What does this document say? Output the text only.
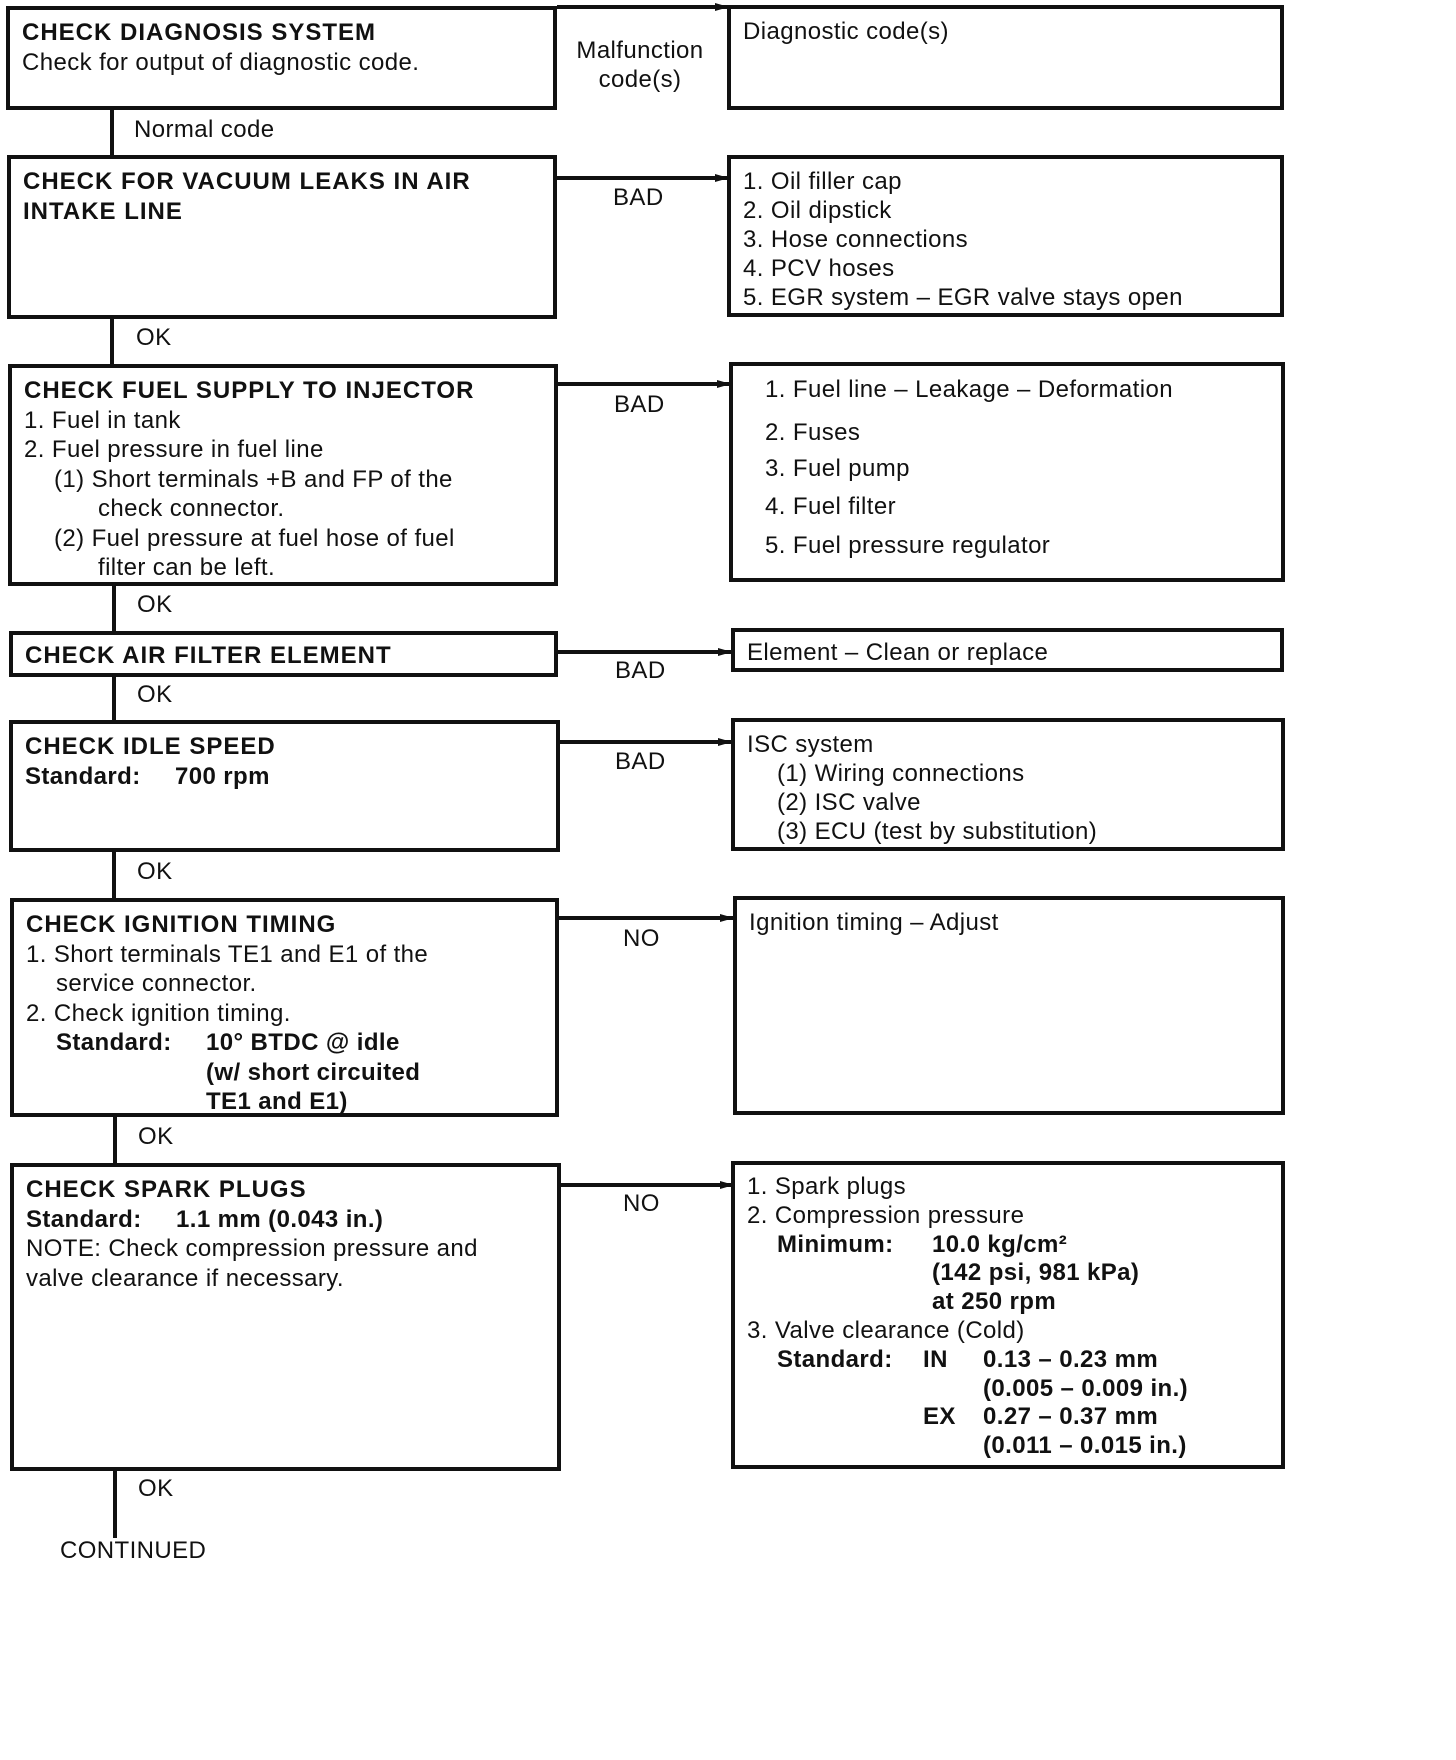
CHECK DIAGNOSIS SYSTEM
Check for output of diagnostic code.
CHECK FOR VACUUM LEAKS IN AIR
INTAKE LINE
CHECK FUEL SUPPLY TO INJECTOR
1. Fuel in tank
2. Fuel pressure in fuel line
(1) Short terminals +B and FP of the
check connector.
(2) Fuel pressure at fuel hose of fuel
filter can be left.
CHECK AIR FILTER ELEMENT
CHECK IDLE SPEED
Standard: 700 rpm
CHECK IGNITION TIMING
1. Short terminals TE1 and E1 of the
service connector.
2. Check ignition timing.
Standard: 10° BTDC @ idle
(w/ short circuited
TE1 and E1)
CHECK SPARK PLUGS
Standard: 1.1 mm (0.043 in.)
NOTE: Check compression pressure and
valve clearance if necessary.
Normal code
OK
OK
OK
OK
OK
OK
CONTINUED
Malfunction
code(s)
BAD
BAD
BAD
BAD
NO
NO
Diagnostic code(s)
1. Oil filler cap
2. Oil dipstick
3. Hose connections
4. PCV hoses
5. EGR system – EGR valve stays open
1. Fuel line – Leakage – Deformation
2. Fuses
3. Fuel pump
4. Fuel filter
5. Fuel pressure regulator
Element – Clean or replace
ISC system
(1) Wiring connections
(2) ISC valve
(3) ECU (test by substitution)
Ignition timing – Adjust
1. Spark plugs
2. Compression pressure
Minimum: 10.0 kg/cm²
(142 psi, 981 kPa)
at 250 rpm
3. Valve clearance (Cold)
Standard: IN 0.13 – 0.23 mm
(0.005 – 0.009 in.)
EX 0.27 – 0.37 mm
(0.011 – 0.015 in.)
